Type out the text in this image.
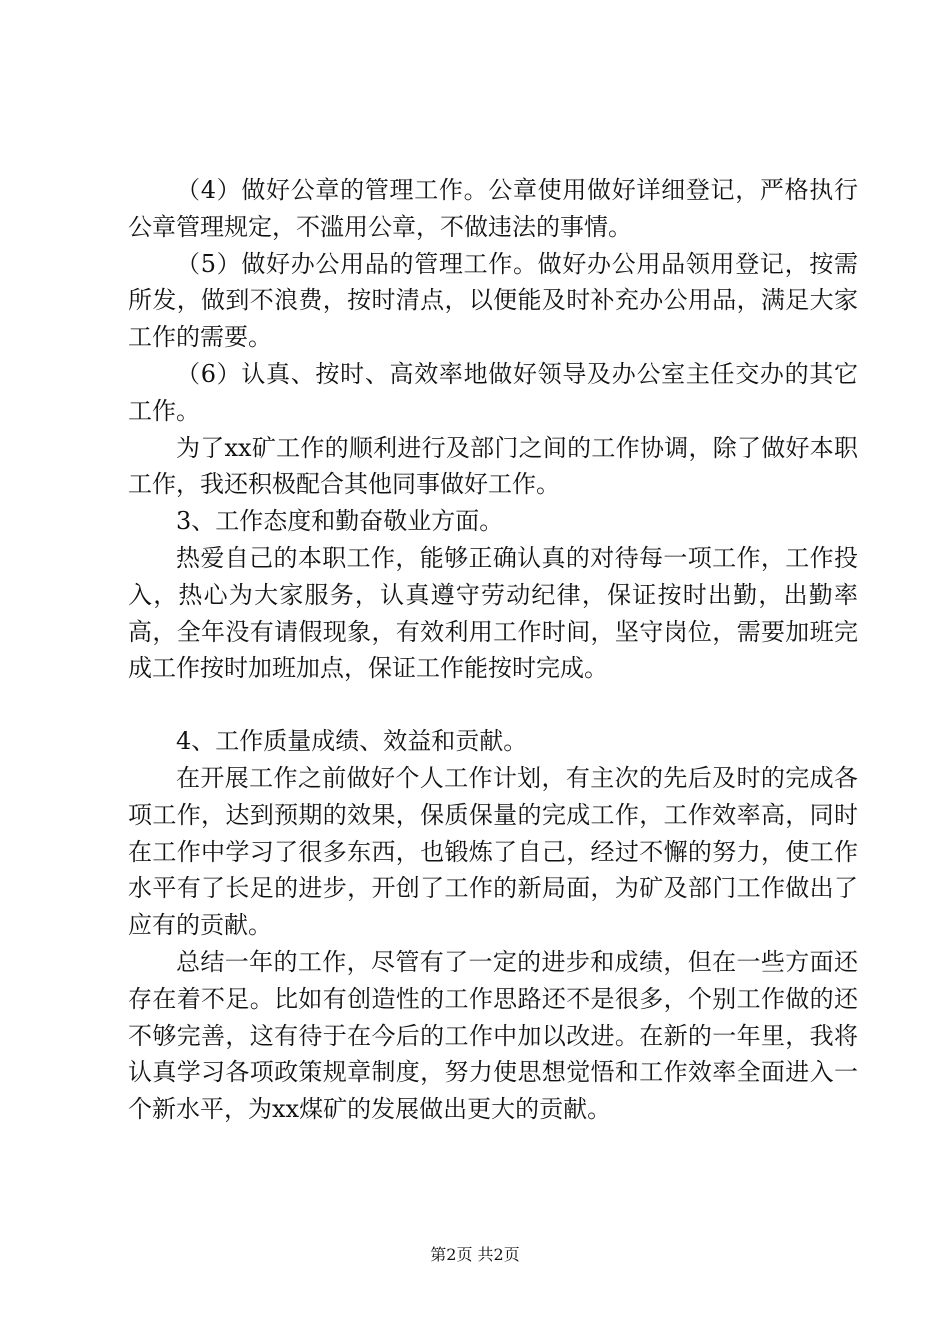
（4）做好公章的管理工作。公章使用做好详细登记，严格执行公章管理规定，不滥用公章，不做违法的事情。

（5）做好办公用品的管理工作。做好办公用品领用登记，按需所发，做到不浪费，按时清点，以便能及时补充办公用品，满足大家工作的需要。

（6）认真、按时、高效率地做好领导及办公室主任交办的其它工作。

为了xx矿工作的顺利进行及部门之间的工作协调，除了做好本职工作，我还积极配合其他同事做好工作。

3、工作态度和勤奋敬业方面。

热爱自己的本职工作，能够正确认真的对待每一项工作，工作投入，热心为大家服务，认真遵守劳动纪律，保证按时出勤，出勤率高，全年没有请假现象，有效利用工作时间，坚守岗位，需要加班完成工作按时加班加点，保证工作能按时完成。

4、工作质量成绩、效益和贡献。

在开展工作之前做好个人工作计划，有主次的先后及时的完成各项工作，达到预期的效果，保质保量的完成工作，工作效率高，同时在工作中学习了很多东西，也锻炼了自己，经过不懈的努力，使工作水平有了长足的进步，开创了工作的新局面，为矿及部门工作做出了应有的贡献。

总结一年的工作，尽管有了一定的进步和成绩，但在一些方面还存在着不足。比如有创造性的工作思路还不是很多，个别工作做的还不够完善，这有待于在今后的工作中加以改进。在新的一年里，我将认真学习各项政策规章制度，努力使思想觉悟和工作效率全面进入一个新水平，为xx煤矿的发展做出更大的贡献。

第2页 共2页
